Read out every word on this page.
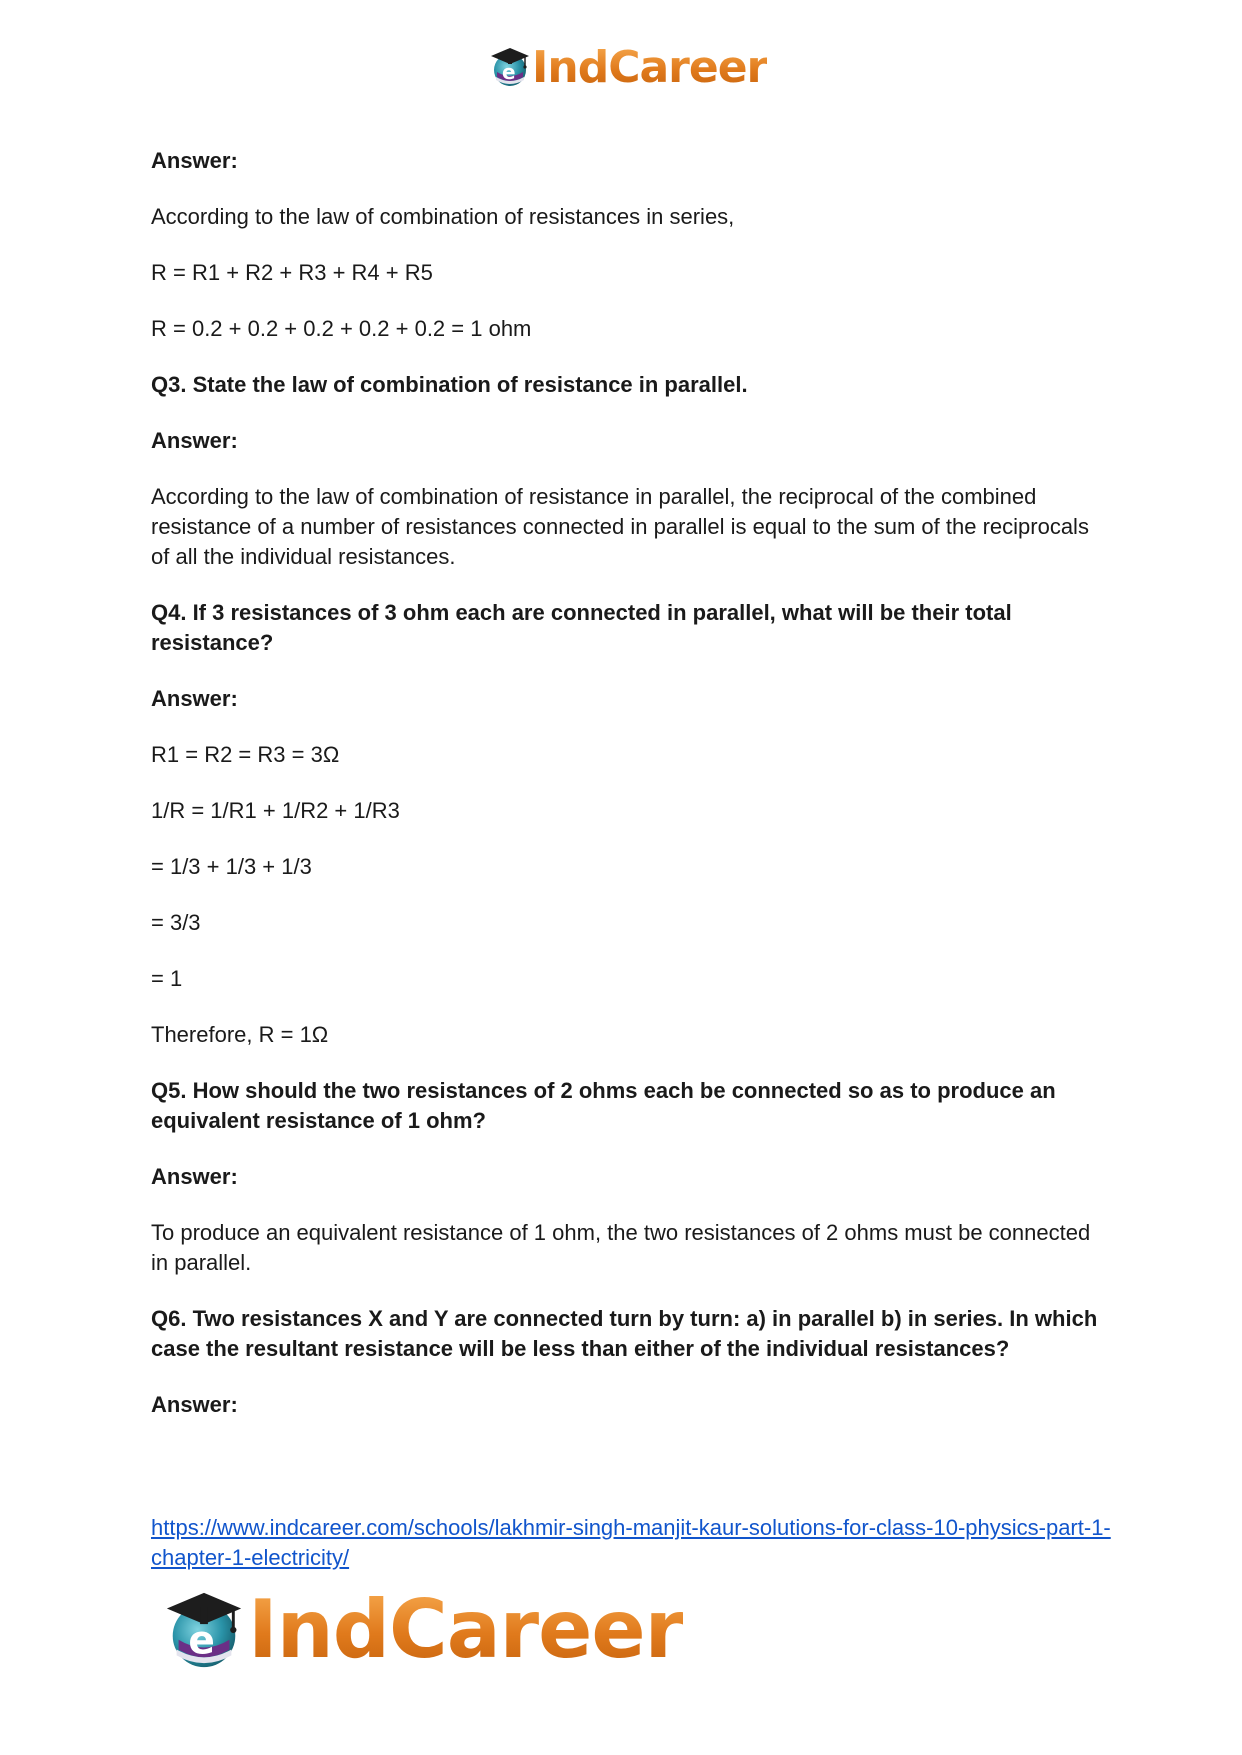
e IndCareer

Answer:

According to the law of combination of resistances in series,

R = R1 + R2 + R3 + R4 + R5

R = 0.2 + 0.2 + 0.2 + 0.2 + 0.2 = 1 ohm

Q3. State the law of combination of resistance in parallel.

Answer:

According to the law of combination of resistance in parallel, the reciprocal of the combined resistance of a number of resistances connected in parallel is equal to the sum of the reciprocals of all the individual resistances.

Q4. If 3 resistances of 3 ohm each are connected in parallel, what will be their total resistance?

Answer:

R1 = R2 = R3 = 3Ω

1/R = 1/R1 + 1/R2 + 1/R3

= 1/3 + 1/3 + 1/3

= 3/3

= 1

Therefore, R = 1Ω

Q5. How should the two resistances of 2 ohms each be connected so as to produce an equivalent resistance of 1 ohm?

Answer:

To produce an equivalent resistance of 1 ohm, the two resistances of 2 ohms must be connected in parallel.

Q6. Two resistances X and Y are connected turn by turn: a) in parallel b) in series. In which case the resultant resistance will be less than either of the individual resistances?

Answer:

https://www.indcareer.com/schools/lakhmir-singh-manjit-kaur-solutions-for-class-10-physics-part-1-chapter-1-electricity/
e IndCareer
